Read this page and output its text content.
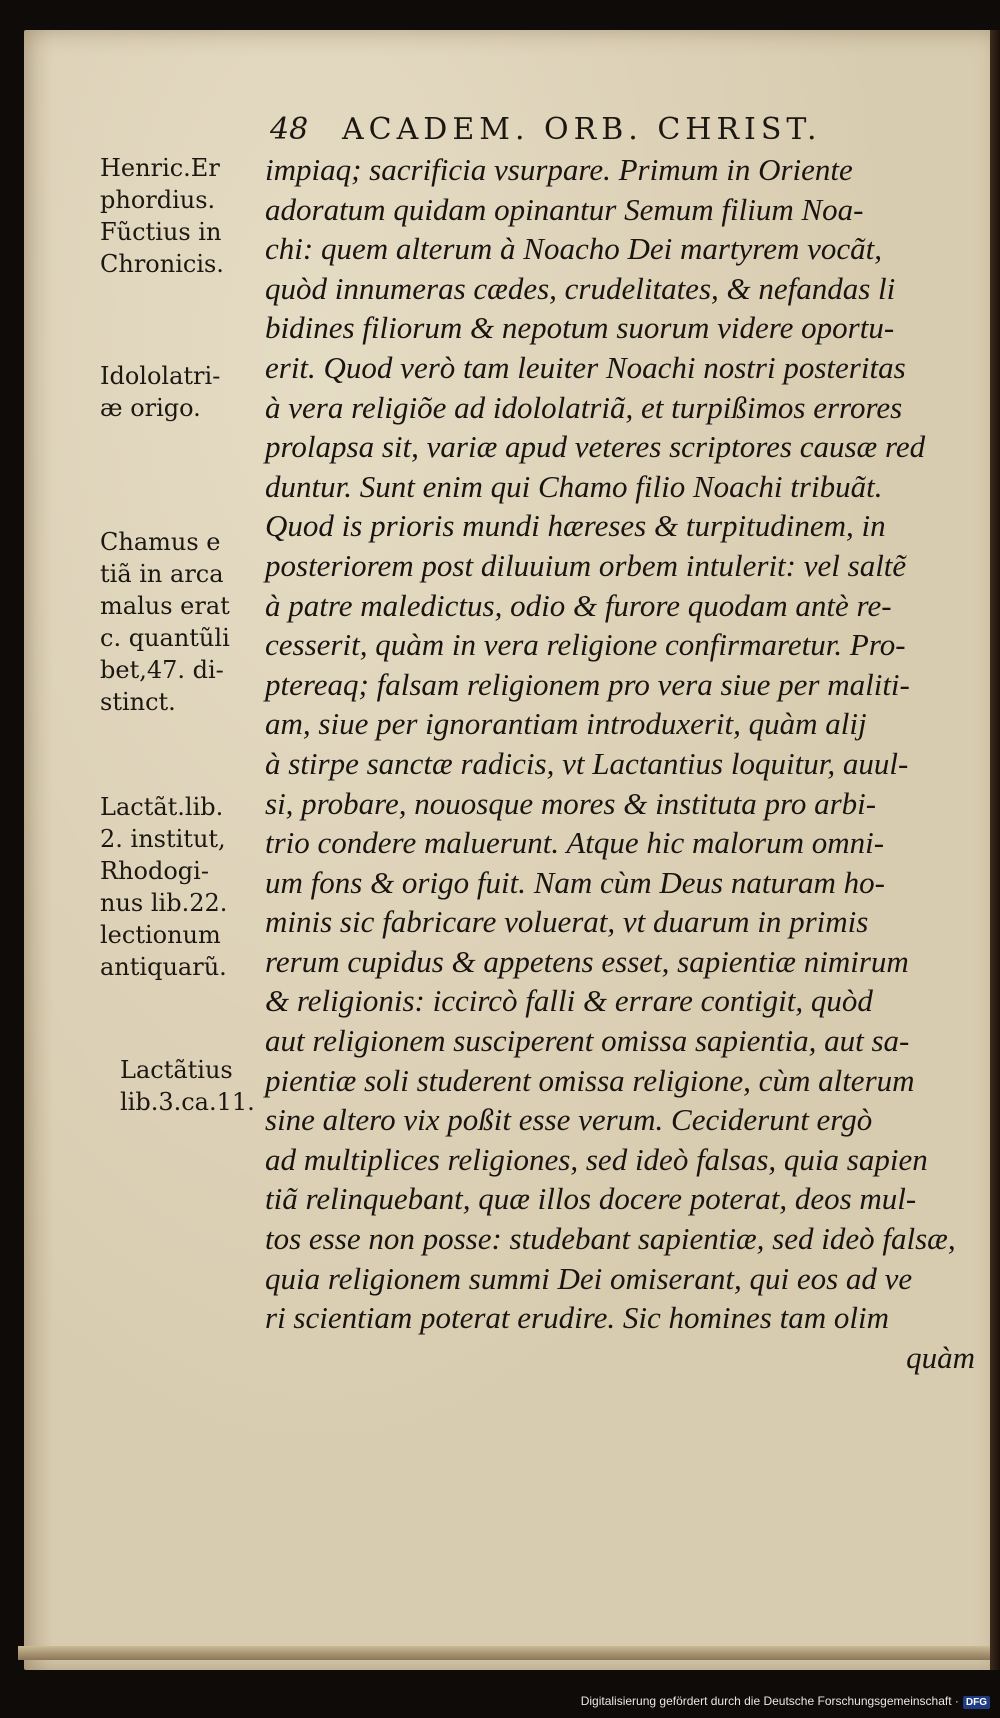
48 ACADEM. ORB. CHRIST.
Henric.Er
phordius.
Fũctius in
Chronicis.
Idololatri-
æ origo.
Chamus e
tiã in arca
malus erat
c. quantũli
bet,47. di-
stinct.
Lactãt.lib.
2. institut,
Rhodogi-
nus lib.22.
lectionum
antiquarũ.
Lactãtius
lib.3.ca.11.
impiaq; sacrificia vsurpare. Primum in Oriente
adoratum quidam opinantur Semum filium Noa-
chi: quem alterum à Noacho Dei martyrem vocãt,
quòd innumeras cædes, crudelitates, & nefandas li
bidines filiorum & nepotum suorum videre oportu-
erit. Quod verò tam leuiter Noachi nostri posteritas
à vera religiõe ad idololatriã, et turpißimos errores
prolapsa sit, variæ apud veteres scriptores causæ red
duntur. Sunt enim qui Chamo filio Noachi tribuãt.
Quod is prioris mundi hæreses & turpitudinem, in
posteriorem post diluuium orbem intulerit: vel saltẽ
à patre maledictus, odio & furore quodam antè re-
cesserit, quàm in vera religione confirmaretur. Pro-
ptereaq; falsam religionem pro vera siue per maliti-
am, siue per ignorantiam introduxerit, quàm alij
à stirpe sanctæ radicis, vt Lactantius loquitur, auul-
si, probare, nouosque mores & instituta pro arbi-
trio condere maluerunt. Atque hic malorum omni-
um fons & origo fuit. Nam cùm Deus naturam ho-
minis sic fabricare voluerat, vt duarum in primis
rerum cupidus & appetens esset, sapientiæ nimirum
& religionis: iccircò falli & errare contigit, quòd
aut religionem susciperent omissa sapientia, aut sa-
pientiæ soli studerent omissa religione, cùm alterum
sine altero vix poßit esse verum. Ceciderunt ergò
ad multiplices religiones, sed ideò falsas, quia sapien
tiã relinquebant, quæ illos docere poterat, deos mul-
tos esse non posse: studebant sapientiæ, sed ideò falsæ,
quia religionem summi Dei omiserant, qui eos ad ve
ri scientiam poterat erudire. Sic homines tam olim
quàm
Digitalisierung gefördert durch die Deutsche Forschungsgemeinschaft · DFG
